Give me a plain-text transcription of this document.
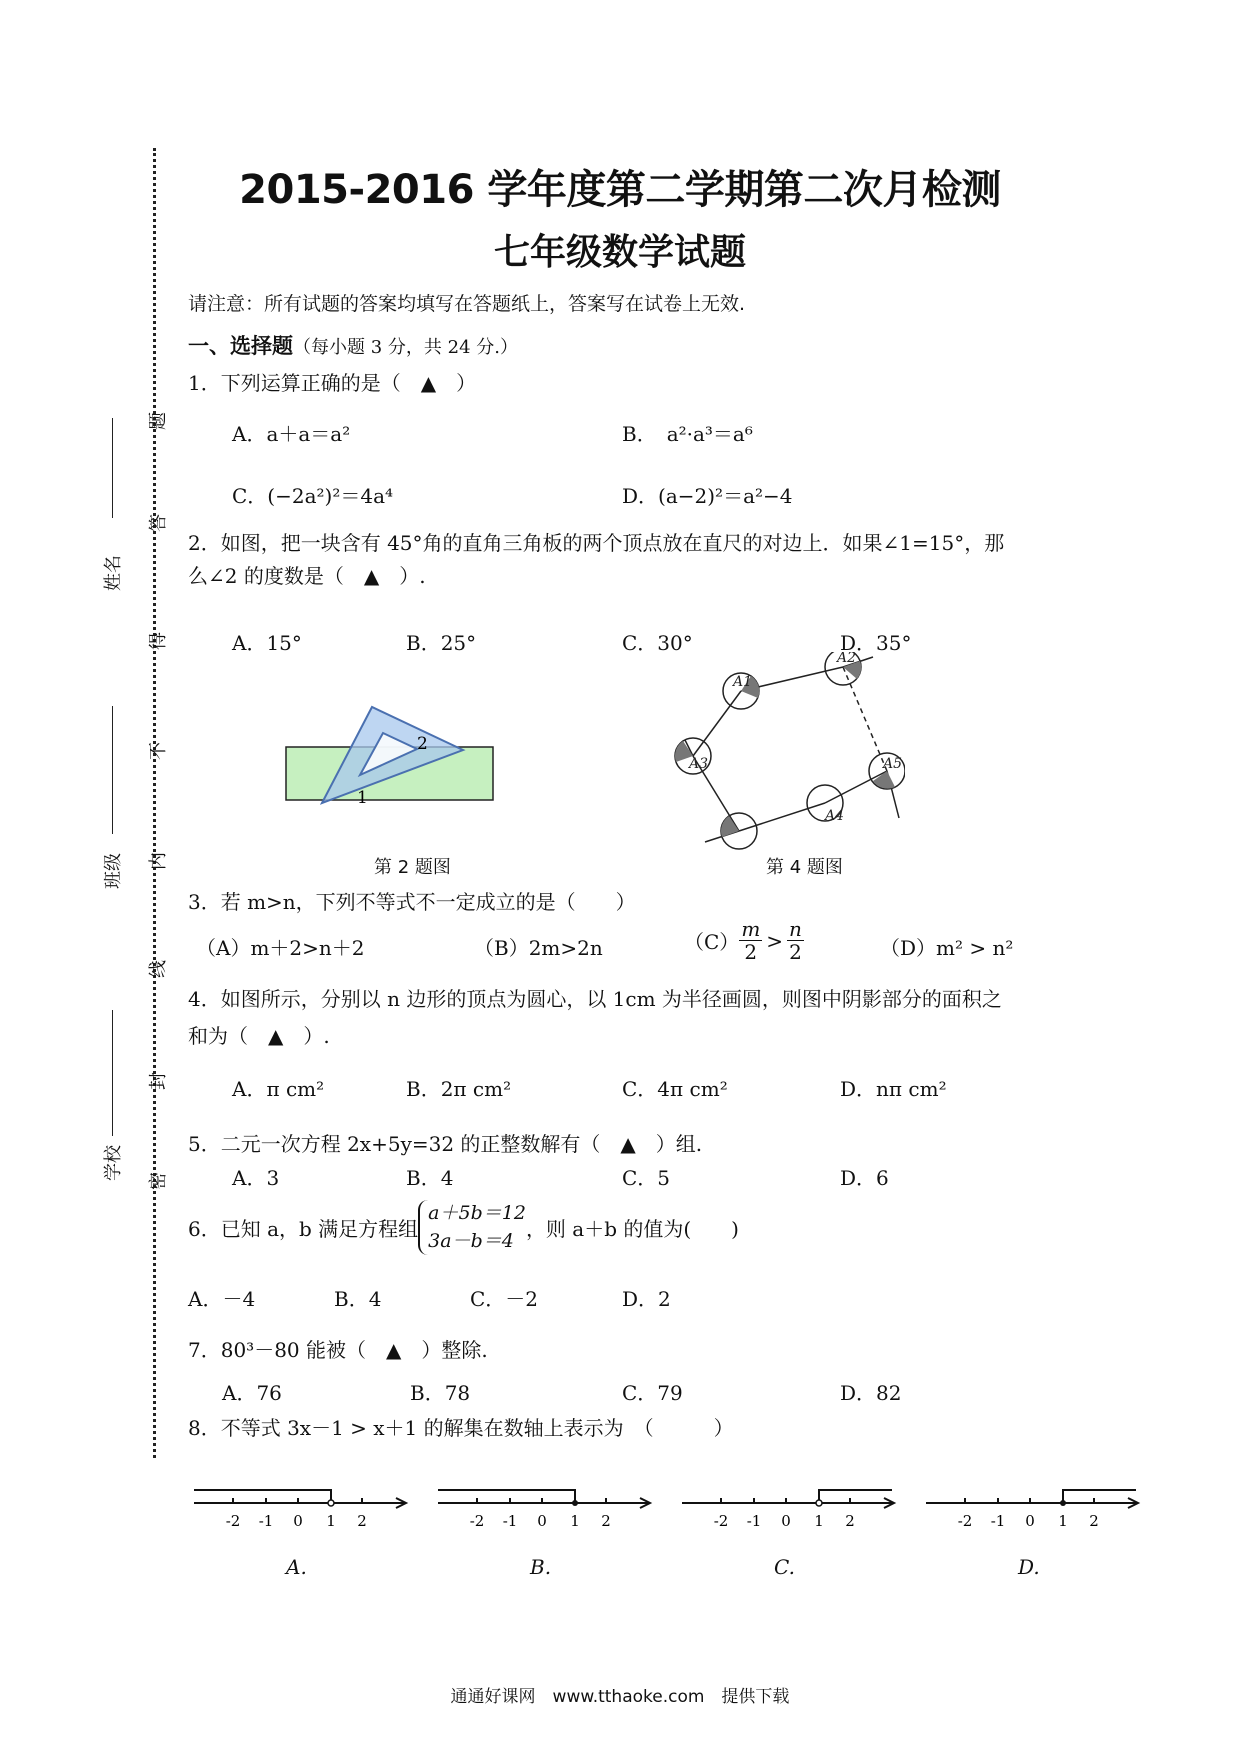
题
答
得
不
内
线
封
密
姓名
班级
学校
2015-2016 学年度第二学期第二次月检测
七年级数学试题
请注意：所有试题的答案均填写在答题纸上，答案写在试卷上无效.
一、选择题（每小题 3 分，共 24 分.）
1．下列运算正确的是（　▲　）
A．a＋a＝a²	B．　a²·a³＝a⁶
C．(−2a²)²＝4a⁴	D．(a−2)²＝a²−4
2．如图，把一块含有 45°角的直角三角板的两个顶点放在直尺的对边上．如果∠1=15°，那
么∠2 的度数是（　▲　）.
A．15°	B．25°	C．30°	D．35°
2
1
第 2 题图
A1
A2
A3
A4
A5
第 4 题图
3．若 m>n，下列不等式不一定成立的是（　　）
（A）m＋2>n＋2	（B）2m>2n	$(C) \frac{m}{2} > \frac{n}{2}$	（D）m² > n²
4．如图所示，分别以 n 边形的顶点为圆心，以 1cm 为半径画圆，则图中阴影部分的面积之
和为（　▲　）.
A．π cm²	B．2π cm²	C．4π cm²	D．nπ cm²
5．二元一次方程 2x+5y=32 的正整数解有（　▲　）组.
A．3	B．4	C．5	D．6
6．已知 a，b 满足方程组
a＋5b＝12
3a－b＝4 ，则 a＋b 的值为(　　)
A．－4	B．4	C．－2	D．2
7．80³－80 能被（　▲　）整除.
A．76	B．78	C．79	D．82
8．不等式 3x－1 > x＋1 的解集在数轴上表示为　（　　　）
-2 -1 0 1 2	-2 -1 0 1 2	-2 -1 0 1 2	-2 -1 0 1 2
A.	B.	C.	D.
通通好课网　www.tthaoke.com　提供下载
